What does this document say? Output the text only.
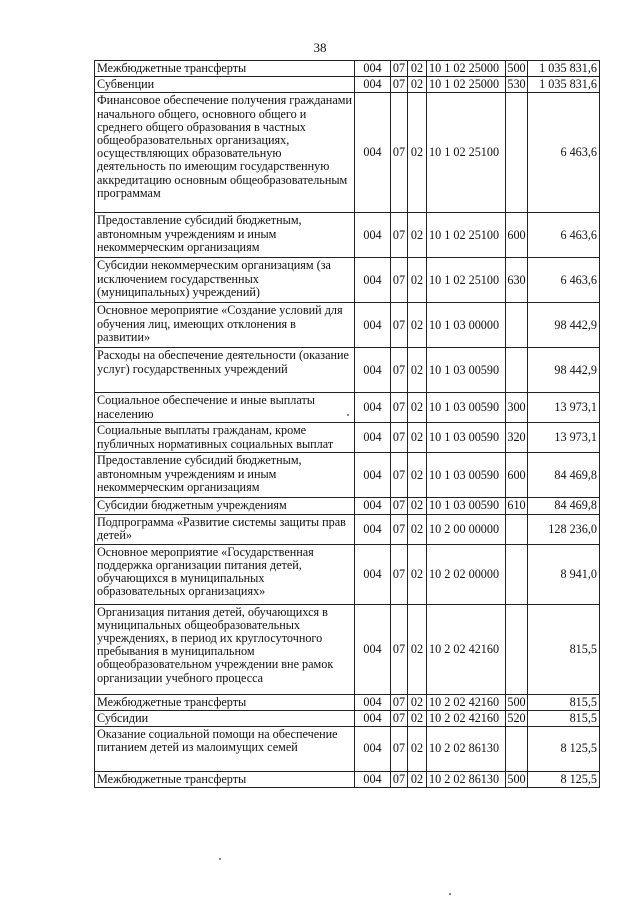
38
Межбюджетные трансферты	004	07	02	10 1 02 25000	500	1 035 831,6
Субвенции	004	07	02	10 1 02 25000	530	1 035 831,6
Финансовое обеспечение получения гражданами начального общего, основного общего и среднего общего образования в частных общеобразовательных организациях, осуществляющих образовательную деятельность по имеющим государственную аккредитацию основным общеобразовательным программам	004	07	02	10 1 02 25100		6 463,6
Предоставление субсидий бюджетным, автономным учреждениям и иным некоммерческим организациям	004	07	02	10 1 02 25100	600	6 463,6
Субсидии некоммерческим организациям (за исключением государственных (муниципальных) учреждений)	004	07	02	10 1 02 25100	630	6 463,6
Основное мероприятие «Создание условий для обучения лиц, имеющих отклонения в развитии»	004	07	02	10 1 03 00000		98 442,9
Расходы на обеспечение деятельности (оказание услуг) государственных учреждений	004	07	02	10 1 03 00590		98 442,9
Социальное обеспечение и иные выплаты населению	004	07	02	10 1 03 00590	300	13 973,1
Социальные выплаты гражданам, кроме публичных нормативных социальных выплат	004	07	02	10 1 03 00590	320	13 973,1
Предоставление субсидий бюджетным, автономным учреждениям и иным некоммерческим организациям	004	07	02	10 1 03 00590	600	84 469,8
Субсидии бюджетным учреждениям	004	07	02	10 1 03 00590	610	84 469,8
Подпрограмма «Развитие системы защиты прав детей»	004	07	02	10 2 00 00000		128 236,0
Основное мероприятие «Государственная поддержка организации питания детей, обучающихся в муниципальных образовательных организациях»	004	07	02	10 2 02 00000		8 941,0
Организация питания детей, обучающихся в муниципальных общеобразовательных учреждениях, в период их круглосуточного пребывания в муниципальном общеобразовательном учреждении вне рамок организации учебного процесса	004	07	02	10 2 02 42160		815,5
Межбюджетные трансферты	004	07	02	10 2 02 42160	500	815,5
Субсидии	004	07	02	10 2 02 42160	520	815,5
Оказание социальной помощи на обеспечение питанием детей из малоимущих семей	004	07	02	10 2 02 86130		8 125,5
Межбюджетные трансферты	004	07	02	10 2 02 86130	500	8 125,5
